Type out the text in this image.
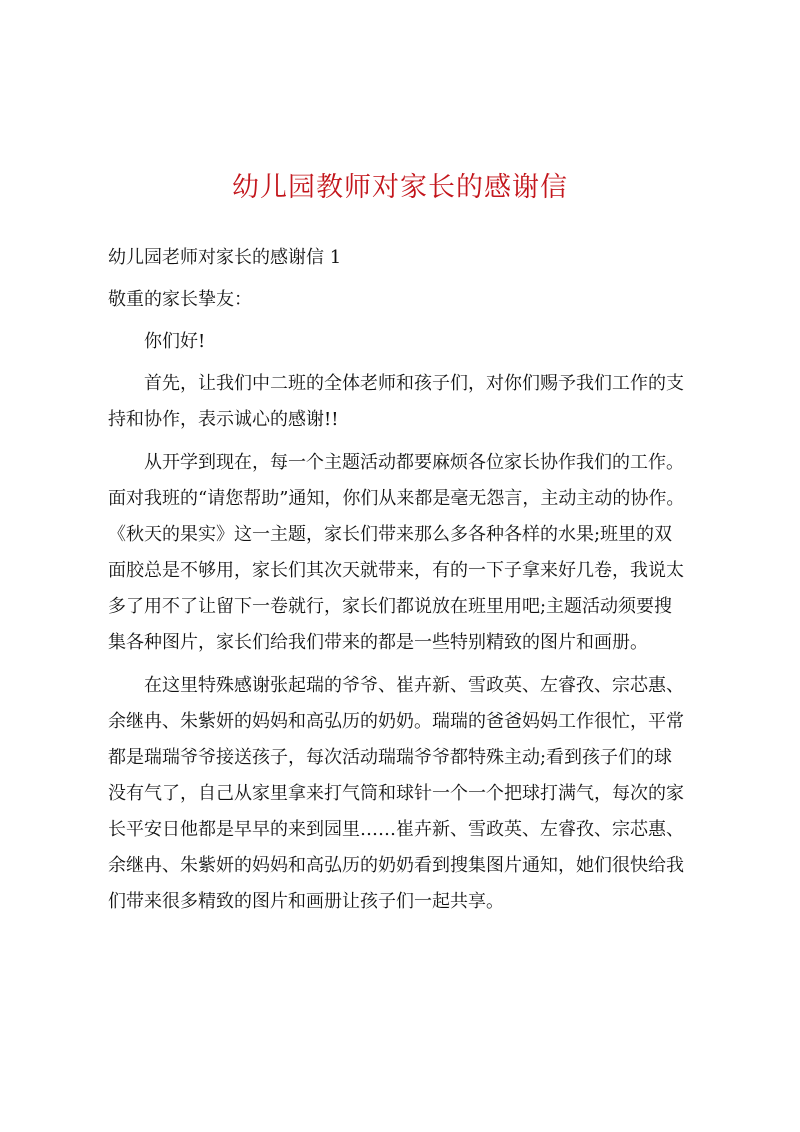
幼儿园教师对家长的感谢信
幼儿园老师对家长的感谢信 1
敬重的家长挚友：
　　你们好!
　　首先，让我们中二班的全体老师和孩子们，对你们赐予我们工作的支
持和协作，表示诚心的感谢!!
　　从开学到现在，每一个主题活动都要麻烦各位家长协作我们的工作。
面对我班的“请您帮助”通知，你们从来都是毫无怨言，主动主动的协作。
《秋天的果实》这一主题，家长们带来那么多各种各样的水果;班里的双
面胶总是不够用，家长们其次天就带来，有的一下子拿来好几卷，我说太
多了用不了让留下一卷就行，家长们都说放在班里用吧;主题活动须要搜
集各种图片，家长们给我们带来的都是一些特别精致的图片和画册。
　　在这里特殊感谢张起瑞的爷爷、崔卉新、雪政英、左睿孜、宗芯惠、
余继冉、朱紫妍的妈妈和高弘历的奶奶。瑞瑞的爸爸妈妈工作很忙，平常
都是瑞瑞爷爷接送孩子，每次活动瑞瑞爷爷都特殊主动;看到孩子们的球
没有气了，自己从家里拿来打气筒和球针一个一个把球打满气，每次的家
长平安日他都是早早的来到园里……崔卉新、雪政英、左睿孜、宗芯惠、
余继冉、朱紫妍的妈妈和高弘历的奶奶看到搜集图片通知，她们很快给我
们带来很多精致的图片和画册让孩子们一起共享。
